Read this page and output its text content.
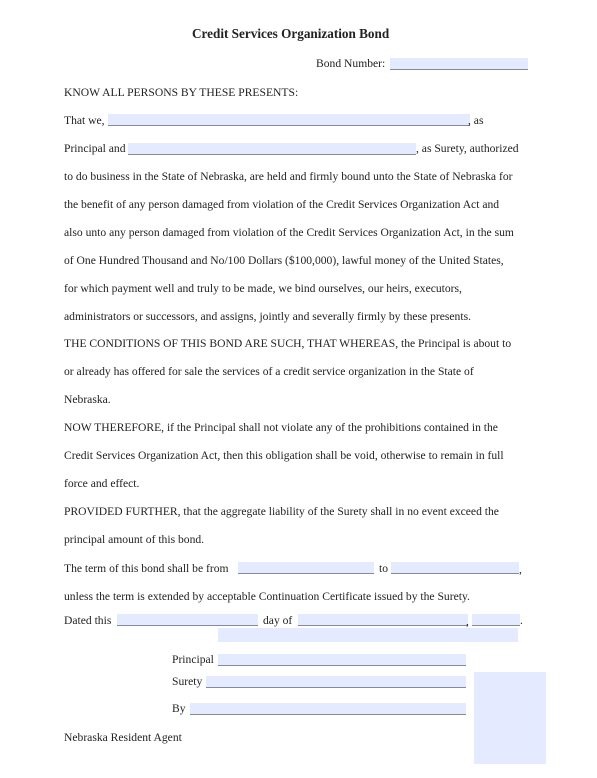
Credit Services Organization Bond
Bond Number:
KNOW ALL PERSONS BY THESE PRESENTS:
That we,	, as
Principal and	, as Surety, authorized
to do business in the State of Nebraska, are held and firmly bound unto the State of Nebraska for
the benefit of any person damaged from violation of the Credit Services Organization Act and
also unto any person damaged from violation of the Credit Services Organization Act, in the sum
of One Hundred Thousand and No/100 Dollars ($100,000), lawful money of the United States,
for which payment well and truly to be made, we bind ourselves, our heirs, executors,
administrators or successors, and assigns, jointly and severally firmly by these presents.
THE CONDITIONS OF THIS BOND ARE SUCH, THAT WHEREAS, the Principal is about to
or already has offered for sale the services of a credit service organization in the State of
Nebraska.
NOW THEREFORE, if the Principal shall not violate any of the prohibitions contained in the
Credit Services Organization Act, then this obligation shall be void, otherwise to remain in full
force and effect.
PROVIDED FURTHER, that the aggregate liability of the Surety shall in no event exceed the
principal amount of this bond.
The term of this bond shall be from	to	,
unless the term is extended by acceptable Continuation Certificate issued by the Surety.
Dated this	day of	,	.
Principal
Surety
By
Nebraska Resident Agent
